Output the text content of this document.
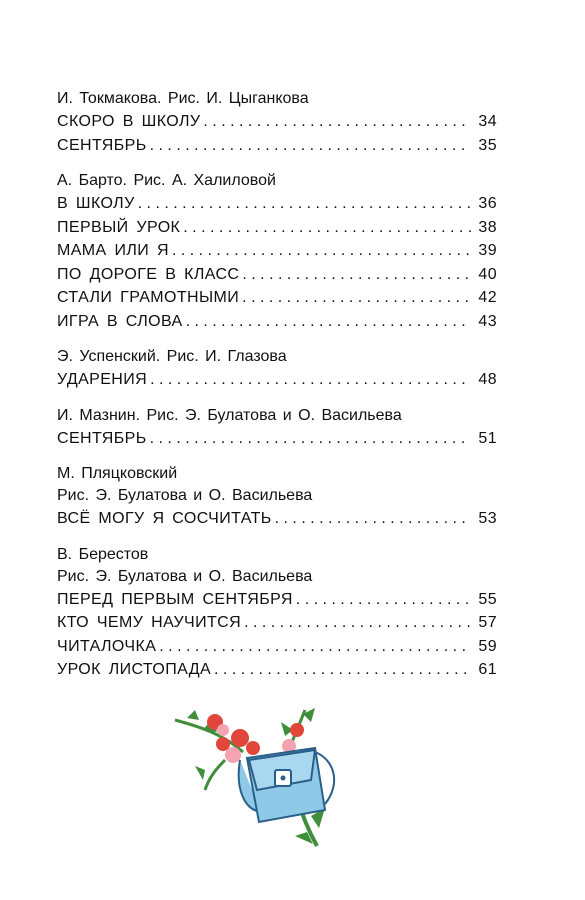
И. Токмакова. Рис. И. Цыганкова
СКОРО В ШКОЛУ . . .	34
СЕНТЯБРЬ . . .	35
А. Барто. Рис. А. Халиловой
В ШКОЛУ . . .	36
ПЕРВЫЙ УРОК . . .	38
МАМА ИЛИ Я . . .	39
ПО ДОРОГЕ В КЛАСС . . .	40
СТАЛИ ГРАМОТНЫМИ . . .	42
ИГРА В СЛОВА . . .	43
Э. Успенский. Рис. И. Глазова
УДАРЕНИЯ . . .	48
И. Мазнин. Рис. Э. Булатова и О. Васильева
СЕНТЯБРЬ . . .	51
М. Пляцковский
Рис. Э. Булатова и О. Васильева
ВСЁ МОГУ Я СОСЧИТАТЬ . . .	53
В. Берестов
Рис. Э. Булатова и О. Васильева
ПЕРЕД ПЕРВЫМ СЕНТЯБРЯ . . .	55
КТО ЧЕМУ НАУЧИТСЯ . . .	57
ЧИТАЛОЧКА . . .	59
УРОК ЛИСТОПАДА . . .	61
